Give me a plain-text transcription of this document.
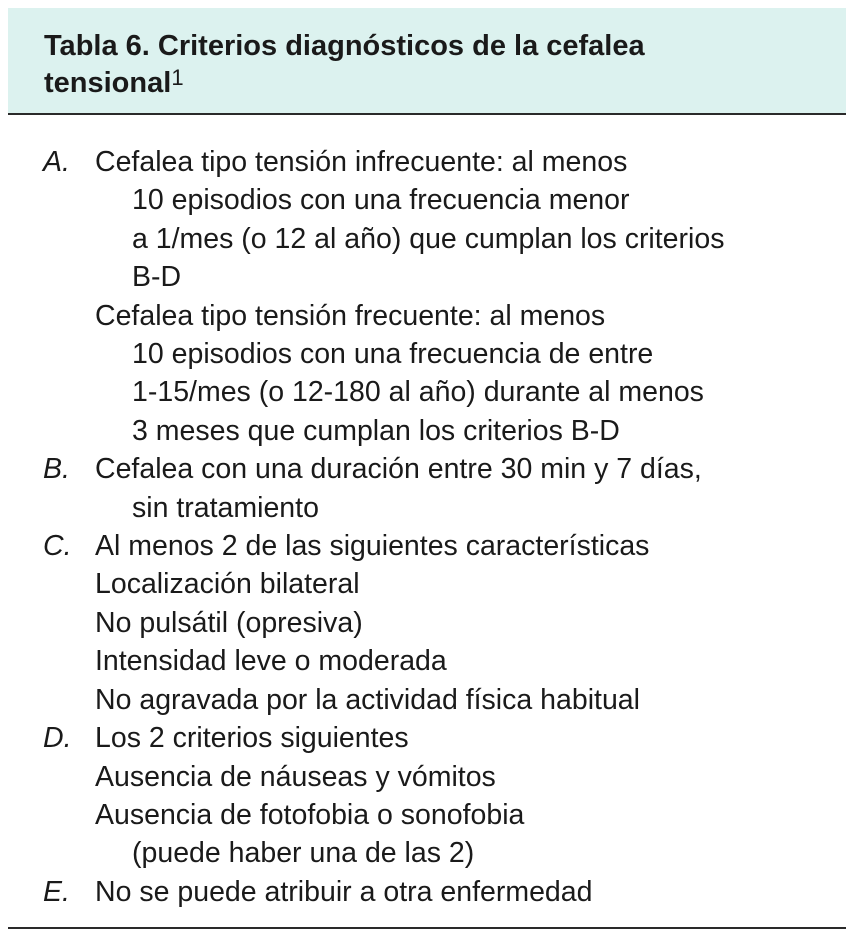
Tabla 6. Criterios diagnósticos de la cefalea
tensional$^1$

A. Cefalea tipo tensión infrecuente: al menos
10 episodios con una frecuencia menor
a 1/mes (o 12 al año) que cumplan los criterios
B-D
Cefalea tipo tensión frecuente: al menos
10 episodios con una frecuencia de entre
1-15/mes (o 12-180 al año) durante al menos
3 meses que cumplan los criterios B-D
B. Cefalea con una duración entre 30 min y 7 días,
sin tratamiento
C. Al menos 2 de las siguientes características
Localización bilateral
No pulsátil (opresiva)
Intensidad leve o moderada
No agravada por la actividad física habitual
D. Los 2 criterios siguientes
Ausencia de náuseas y vómitos
Ausencia de fotofobia o sonofobia
(puede haber una de las 2)
E. No se puede atribuir a otra enfermedad
